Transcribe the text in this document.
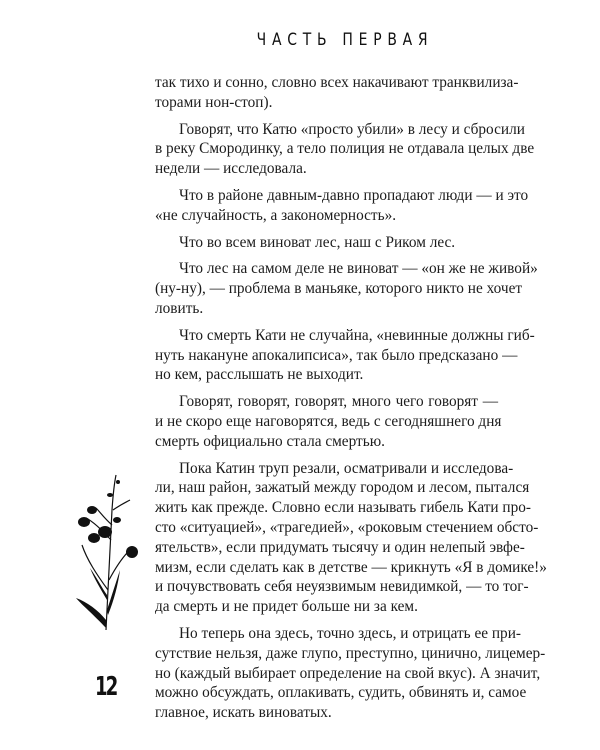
ЧАСТЬ ПЕРВАЯ
так тихо и сонно, словно всех накачивают транквилиза-
торами нон-стоп).
Говорят, что Катю «просто убили» в лесу и сбросили
в реку Смородинку, а тело полиция не отдавала целых две
недели — исследовала.
Что в районе давным-давно пропадают люди — и это
«не случайность, а закономерность».
Что во всем виноват лес, наш с Риком лес.
Что лес на самом деле не виноват — «он же не живой»
(ну-ну), — проблема в маньяке, которого никто не хочет
ловить.
Что смерть Кати не случайна, «невинные должны гиб-
нуть накануне апокалипсиса», так было предсказано —
но кем, расслышать не выходит.
Говорят, говорят, говорят, много чего говорят —
и не скоро еще наговорятся, ведь с сегодняшнего дня
смерть официально стала смертью.
Пока Катин труп резали, осматривали и исследова-
ли, наш район, зажатый между городом и лесом, пытался
жить как прежде. Словно если называть гибель Кати про-
сто «ситуацией», «трагедией», «роковым стечением обсто-
ятельств», если придумать тысячу и один нелепый эвфе-
мизм, если сделать как в детстве — крикнуть «Я в домике!»
и почувствовать себя неуязвимым невидимкой, — то тог-
да смерть и не придет больше ни за кем.
Но теперь она здесь, точно здесь, и отрицать ее при-
сутствие нельзя, даже глупо, преступно, цинично, лицемер-
но (каждый выбирает определение на свой вкус). А значит,
можно обсуждать, оплакивать, судить, обвинять и, самое
главное, искать виноватых.
12
